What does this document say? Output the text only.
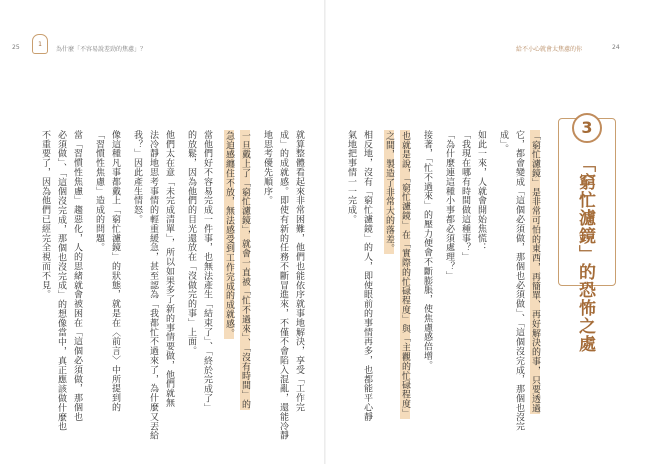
25	1
為什麼「不容易說差勁的焦慮」？	給不小心就會太焦慮的你	24
3
「窮忙濾鏡」的恐怖之處
「窮忙濾鏡」是非常可怕的東西，再簡單、再好解決的事，只要透過
它，都會變成「這個必須做，那個也必須做」、「這個沒完成，那個也沒完
成」。
如此一來，人就會開始焦慌：
「我現在哪有時間做這種事？」
「為什麼連這種小事都必須處理？」
接著，「忙不過來」的壓力便會不斷膨脹，使焦慮感倍增。
也就是說，「窮忙濾鏡」在「實際的忙碌程度」與「主觀的忙碌程度」
之間，製造了非常大的落差。
相反地，沒有「窮忙濾鏡」的人，即使眼前的事情再多，也都能平心靜
氣地把事情一一完成。
就算整體看起來非常困難，他們也能依序就事地解決，享受「工作完
成」的成就感。即使有新的任務不斷冒進來，不僅不會陷入混亂，還能冷靜
地思考優先順序。
一旦戴上了「窮忙濾鏡」，就會一直被「忙不過來」、「沒有時間」的
急迫感纏住不放，無法感受到工作完成的成就感。
當他們好不容易完成一件事，也無法產生「結束了」、「終於完成了」
的放鬆，因為他們的目光還放在「沒做完的事」上面。
他們太在意「未完成清單」，所以如果多了新的事情要做，他們就無
法冷靜地思考事情的輕重緩急，甚至認為「我都忙不過來了，為什麼又丟給
我？」因此產生情怒。
像這種凡事都戴上「窮忙濾鏡」的狀態，就是在〈前言〉中所提到的
「習慣性焦慮」造成的問題。
當「習慣性焦慮」趨惡化，人的思緒就會被困在「這個必須做，那個也
必須做」、「這個沒完成，那個也沒完成」的想像當中，真正應該做什麼也
不重要了，因為他們已經完全視而不見。
